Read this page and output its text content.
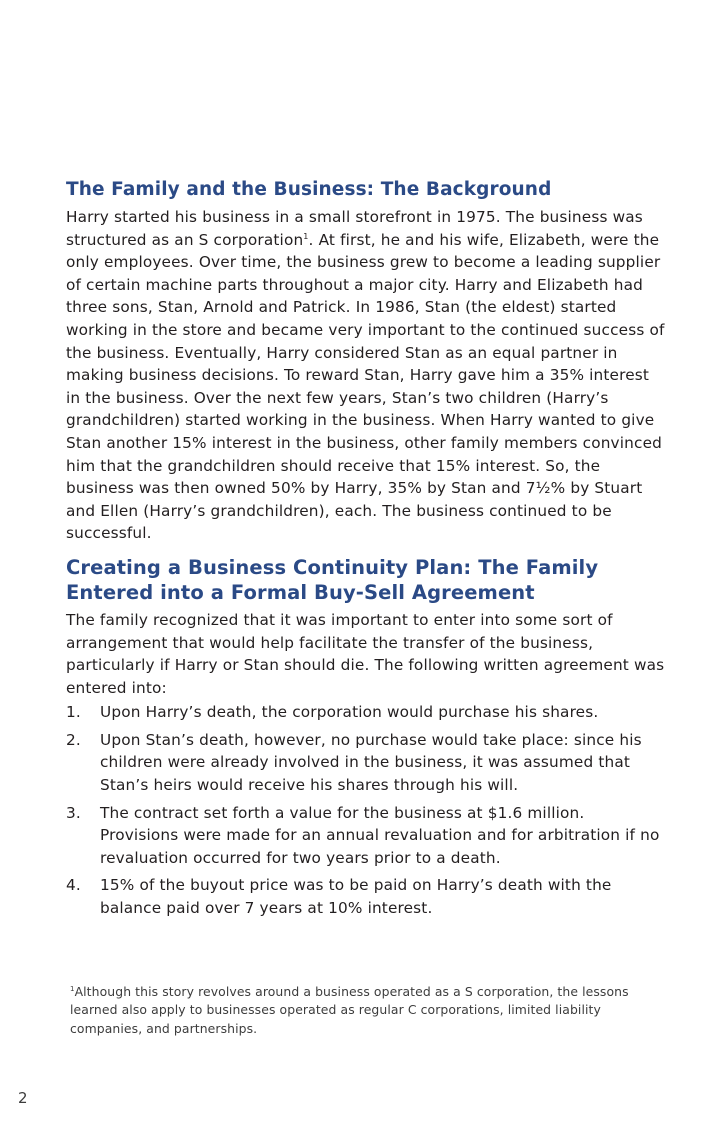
The Family and the Business: The Background

Harry started his business in a small storefront in 1975. The business was structured as an S corporation$^1$. At first, he and his wife, Elizabeth, were the only employees. Over time, the business grew to become a leading supplier of certain machine parts throughout a major city. Harry and Elizabeth had three sons, Stan, Arnold and Patrick. In 1986, Stan (the eldest) started working in the store and became very important to the continued success of the business. Eventually, Harry considered Stan as an equal partner in making business decisions. To reward Stan, Harry gave him a 35% interest in the business. Over the next few years, Stan’s two children (Harry’s grandchildren) started working in the business. When Harry wanted to give Stan another 15% interest in the business, other family members convinced him that the grandchildren should receive that 15% interest. So, the business was then owned 50% by Harry, 35% by Stan and 7½% by Stuart and Ellen (Harry’s grandchildren), each. The business continued to be successful.

Creating a Business Continuity Plan: The Family Entered into a Formal Buy-Sell Agreement

The family recognized that it was important to enter into some sort of arrangement that would help facilitate the transfer of the business, particularly if Harry or Stan should die. The following written agreement was entered into:

1. Upon Harry’s death, the corporation would purchase his shares.
2. Upon Stan’s death, however, no purchase would take place: since his children were already involved in the business, it was assumed that Stan’s heirs would receive his shares through his will.
3. The contract set forth a value for the business at $1.6 million. Provisions were made for an annual revaluation and for arbitration if no revaluation occurred for two years prior to a death.
4. 15% of the buyout price was to be paid on Harry’s death with the balance paid over 7 years at 10% interest.
$^1$Although this story revolves around a business operated as a S corporation, the lessons learned also apply to businesses operated as regular C corporations, limited liability companies, and partnerships.
2
